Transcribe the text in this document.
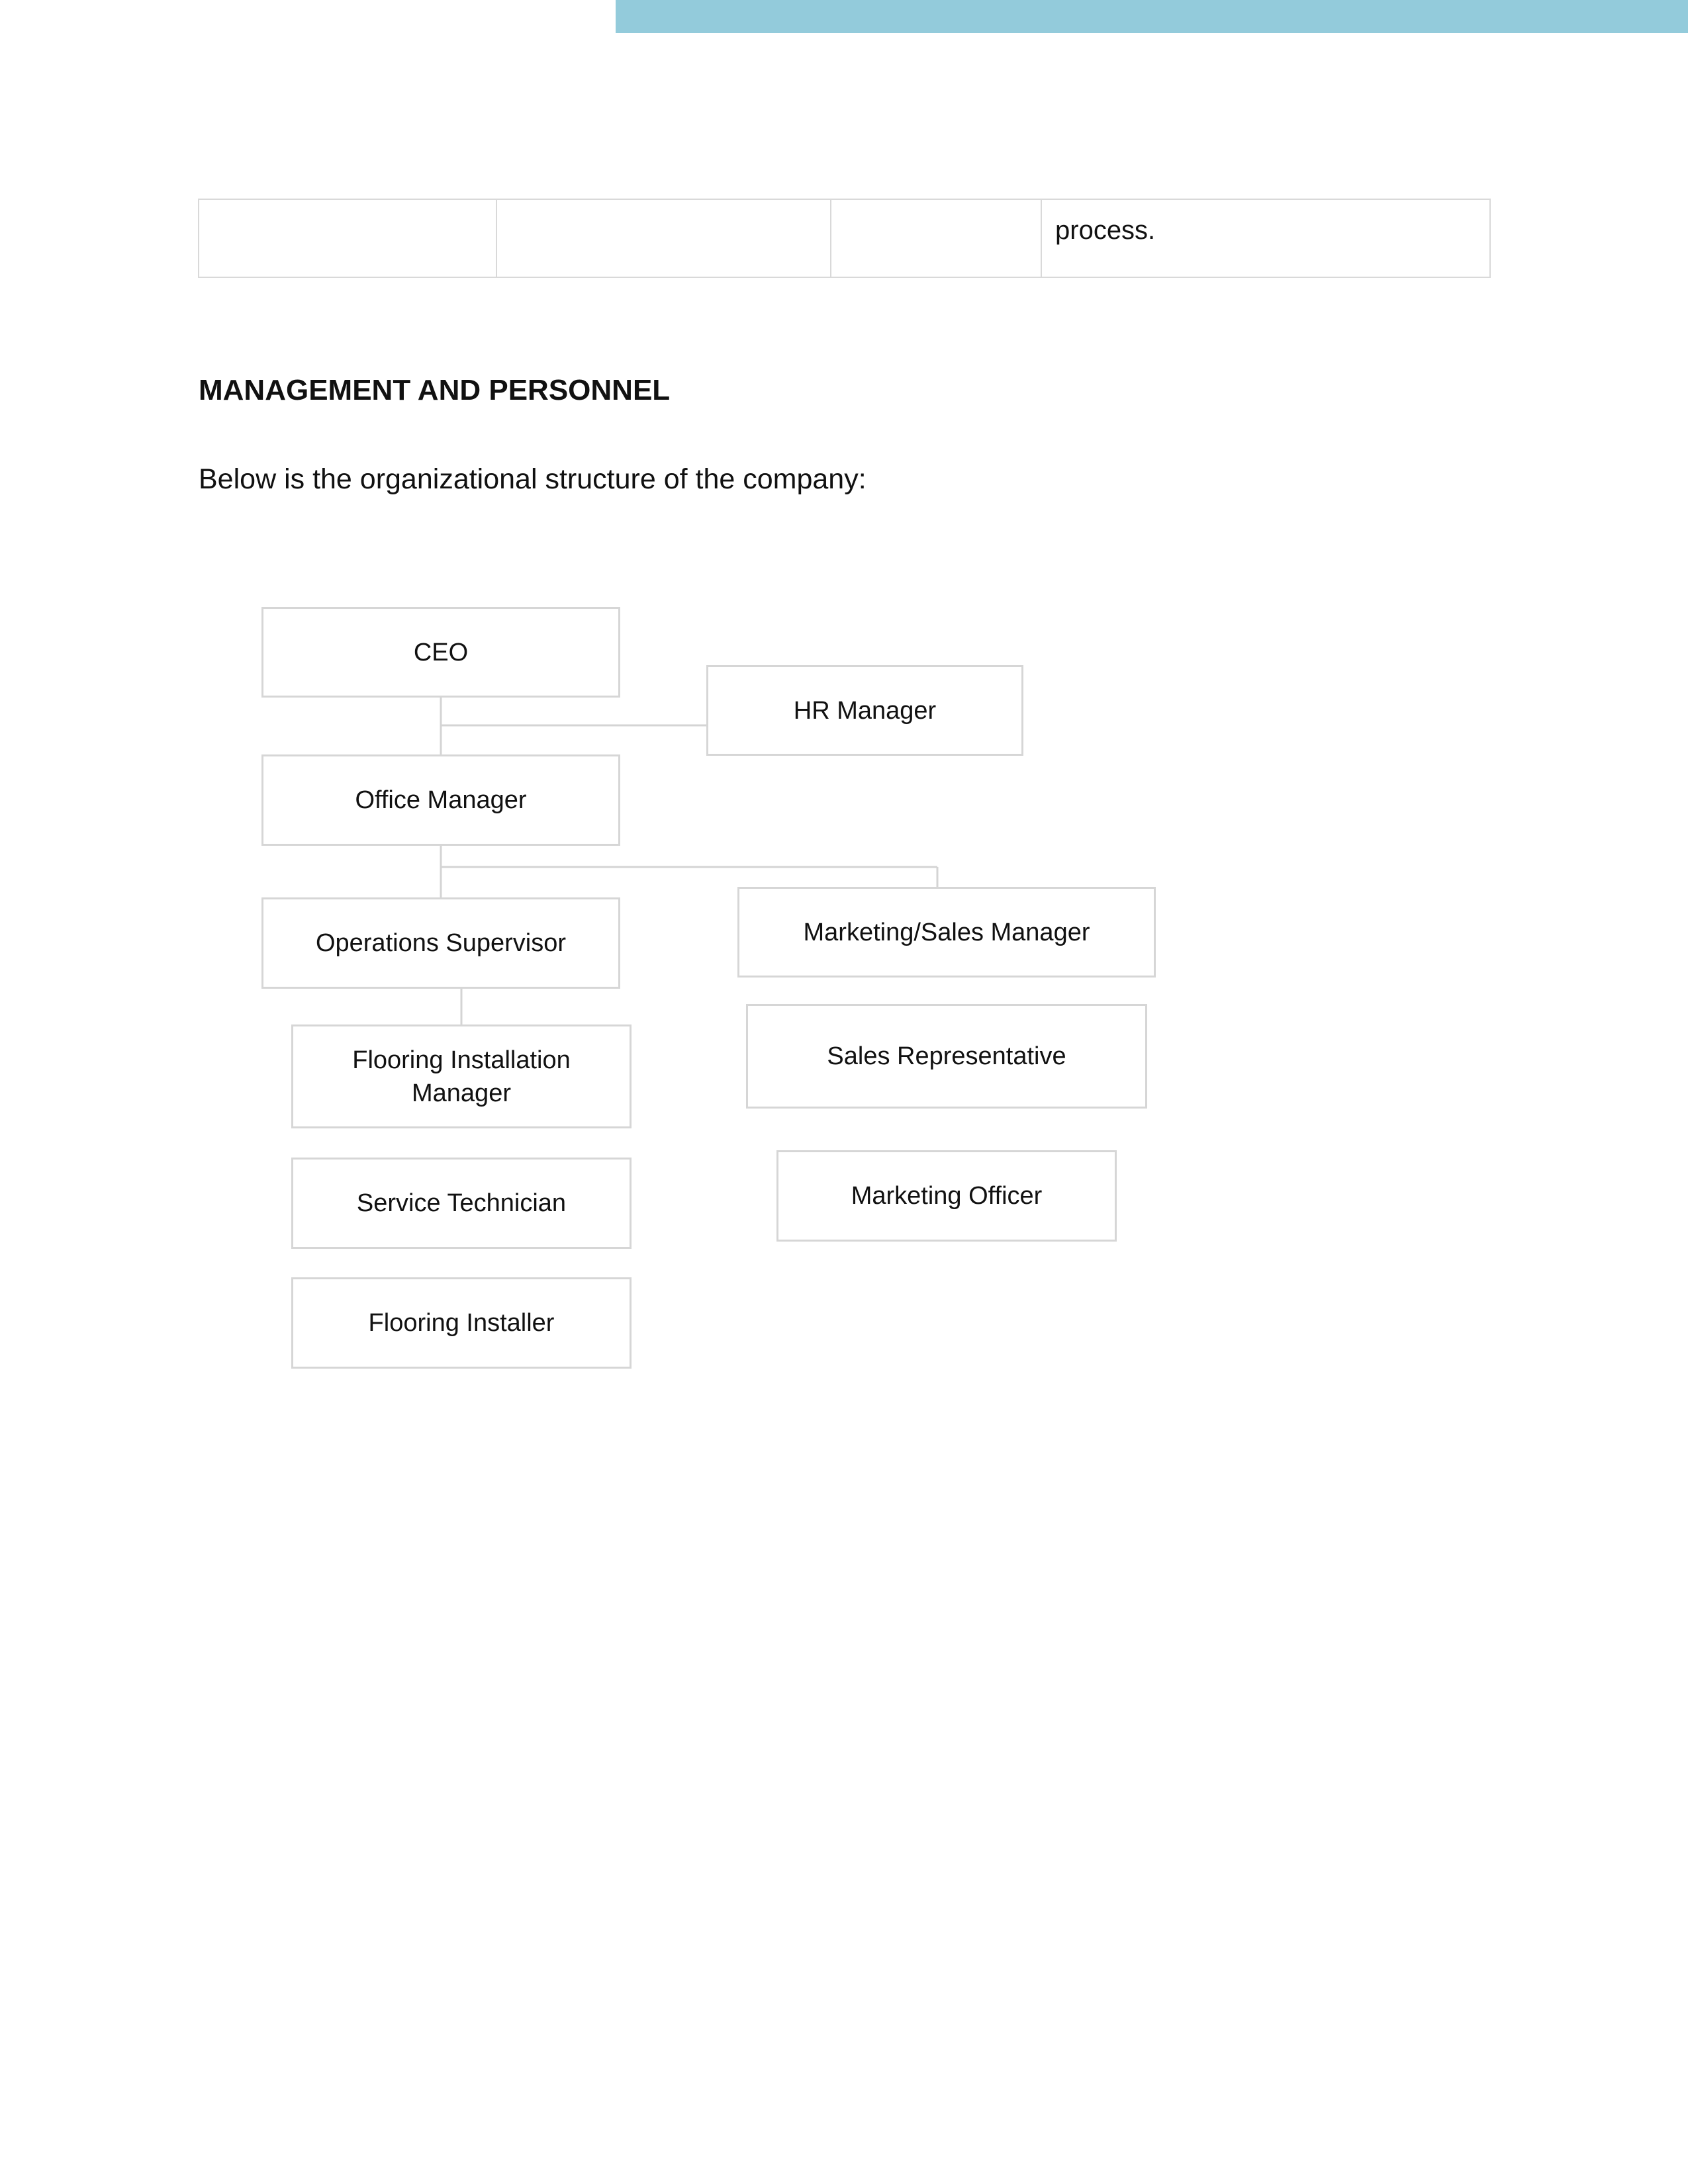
process.
MANAGEMENT AND PERSONNEL

Below is the organizational structure of the company:

CEO
HR Manager
Office Manager
Operations Supervisor	Marketing/Sales Manager
Flooring Installation Manager
Sales Representative
Service Technician	Marketing Officer
Flooring Installer
